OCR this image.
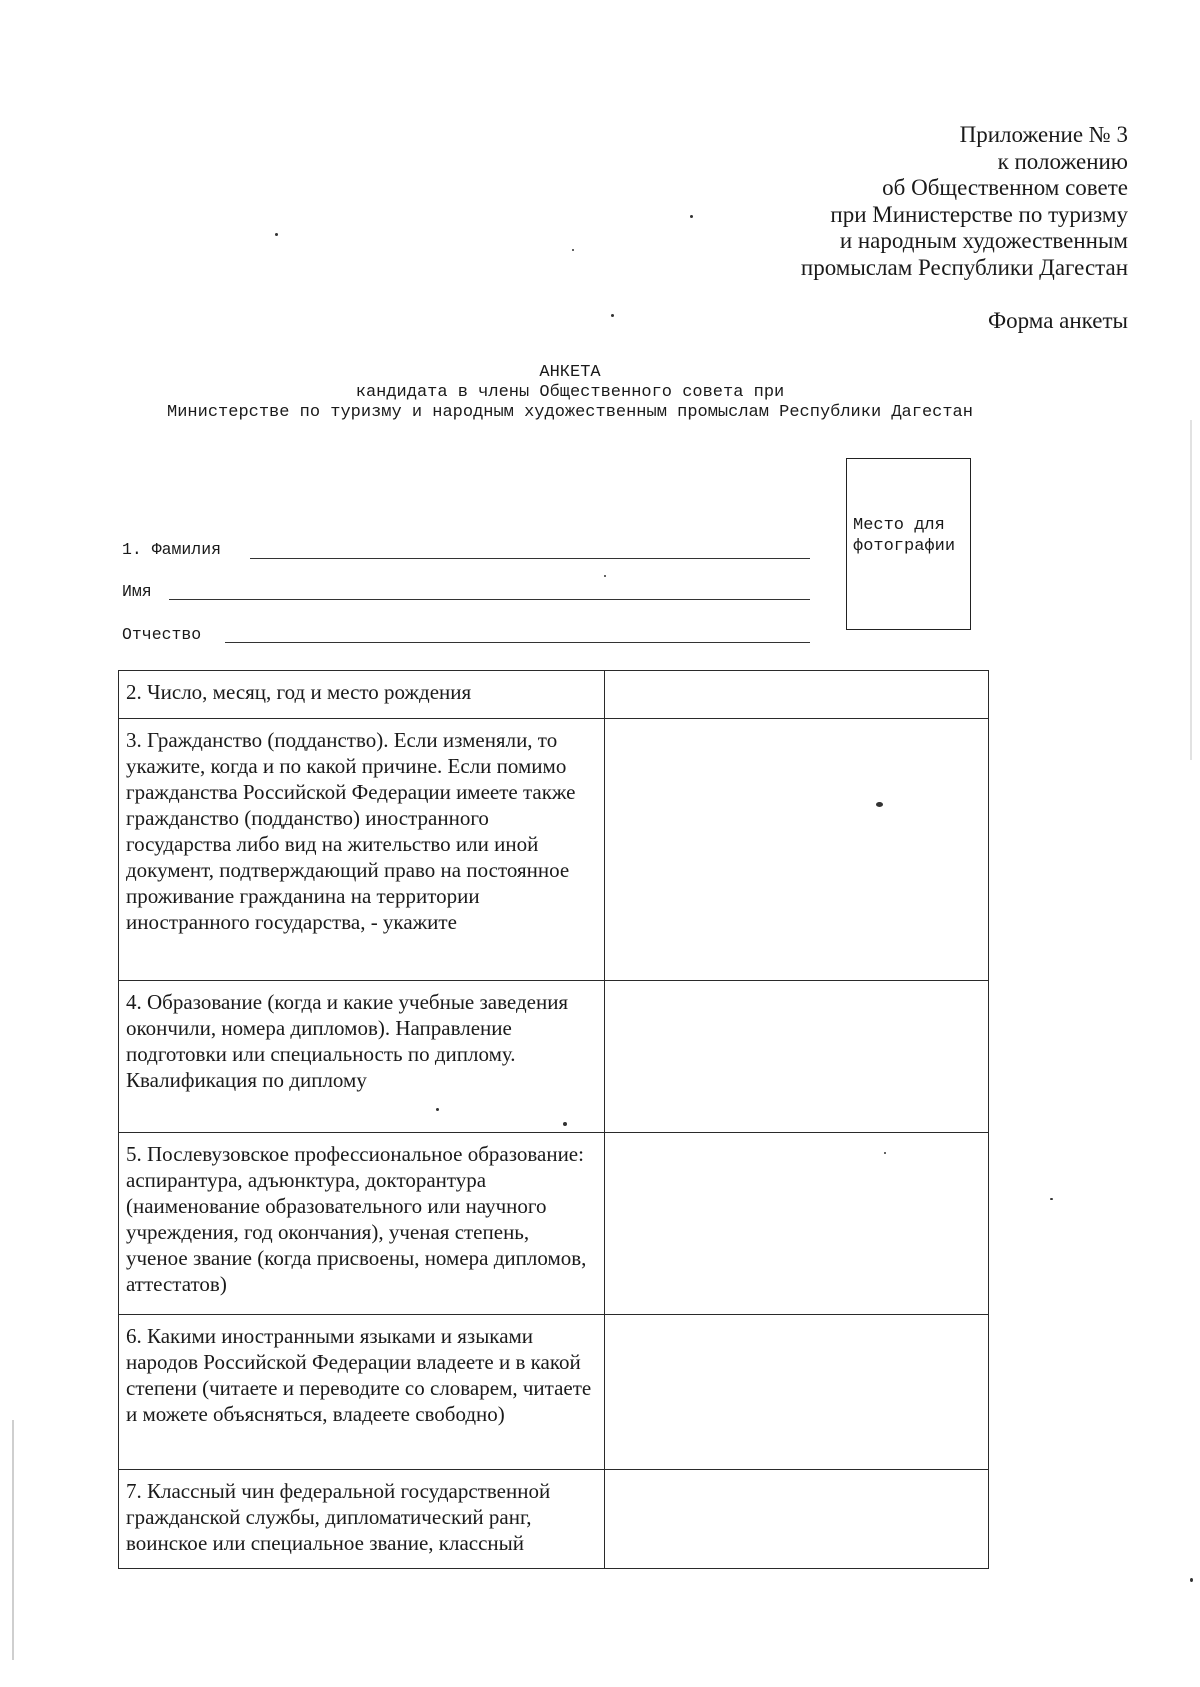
Приложение № 3
к положению
об Общественном совете
при Министерстве по туризму
и народным художественным
промыслам Республики Дагестан
Форма анкеты
АНКЕТА
кандидата в члены Общественного совета при
Министерстве по туризму и народным художественным промыслам Республики Дагестан
Место для
фотографии
1. Фамилия
Имя
Отчество
2. Число, месяц, год и место рождения	
3. Гражданство (подданство). Если изменяли, то укажите, когда и по какой причине. Если помимо гражданства Российской Федерации имеете также гражданство (подданство) иностранного государства либо вид на жительство или иной документ, подтверждающий право на постоянное проживание гражданина на территории иностранного государства, - укажите	
4. Образование (когда и какие учебные заведения окончили, номера дипломов). Направление подготовки или специальность по диплому.
Квалификация по диплому	
5. Послевузовское профессиональное образование: аспирантура, адъюнктура, докторантура (наименование образовательного или научного учреждения, год окончания), ученая степень, ученое звание (когда присвоены, номера дипломов, аттестатов)	
6. Какими иностранными языками и языками народов Российской Федерации владеете и в какой степени (читаете и переводите со словарем, читаете и можете объясняться, владеете свободно)	
7. Классный чин федеральной государственной гражданской службы, дипломатический ранг, воинское или специальное звание, классный	
